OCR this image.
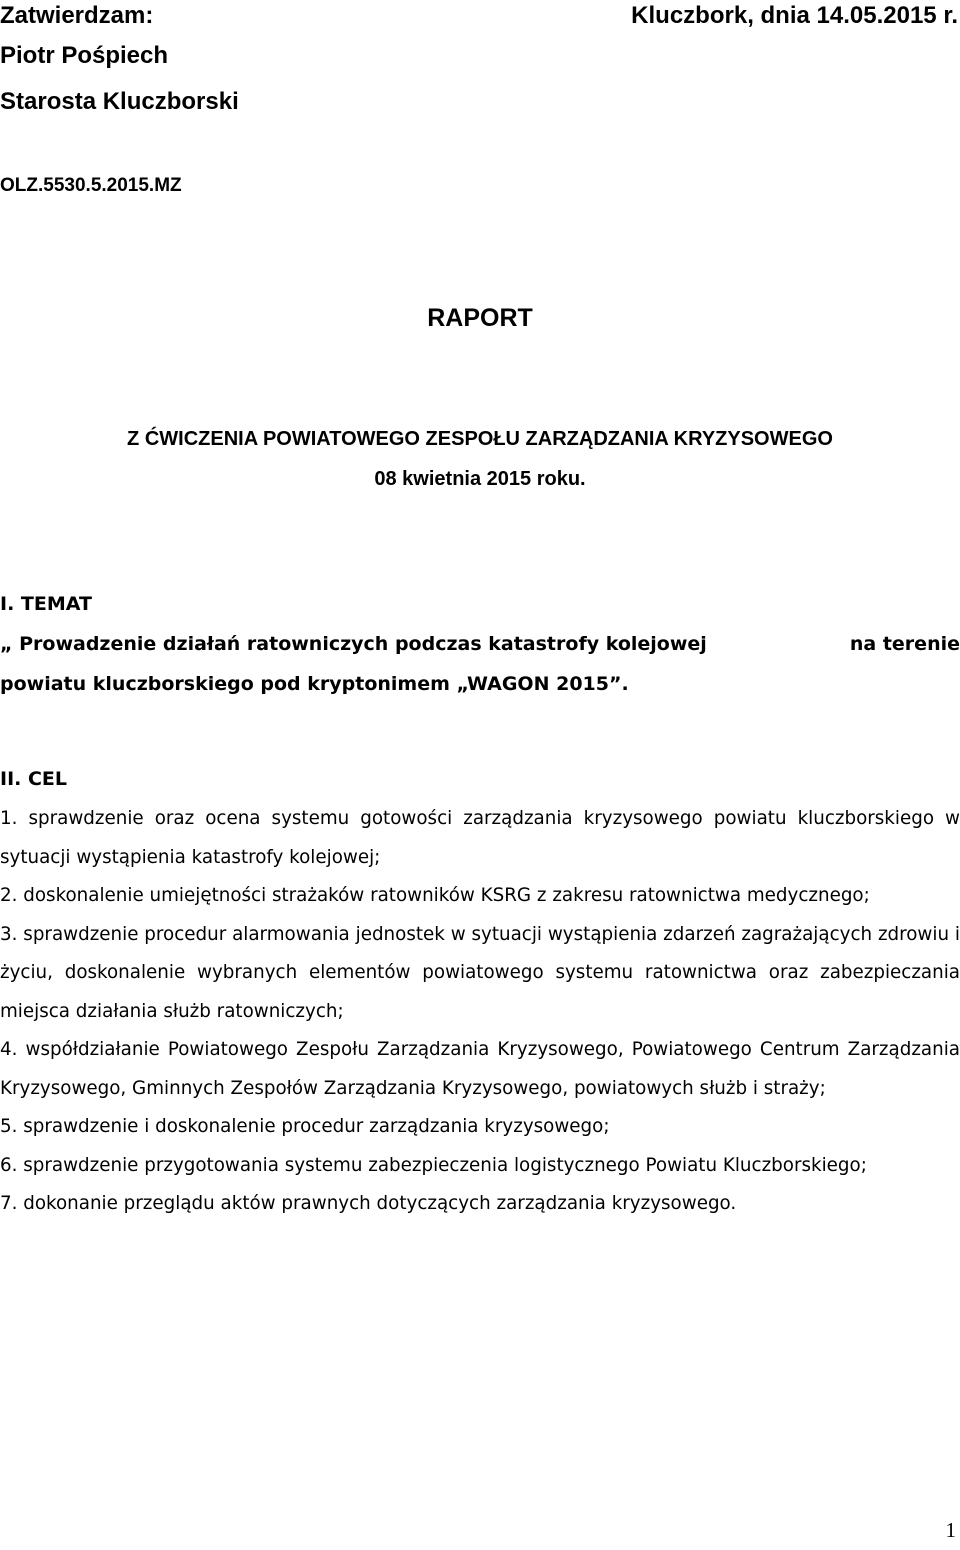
Zatwierdzam:	Kluczbork, dnia 14.05.2015 r.
Piotr Pośpiech
Starosta Kluczborski
OLZ.5530.5.2015.MZ
RAPORT
Z ĆWICZENIA POWIATOWEGO ZESPOŁU ZARZĄDZANIA KRYZYSOWEGO
08 kwietnia 2015 roku.
I. TEMAT
„ Prowadzenie działań ratowniczych podczas katastrofy kolejowej	na terenie
powiatu kluczborskiego pod kryptonimem „WAGON 2015”.
II. CEL

1. sprawdzenie oraz ocena systemu gotowości zarządzania kryzysowego powiatu kluczborskiego w sytuacji wystąpienia katastrofy kolejowej;

2. doskonalenie umiejętności strażaków ratowników KSRG z zakresu ratownictwa medycznego;

3. sprawdzenie procedur alarmowania jednostek w sytuacji wystąpienia zdarzeń zagrażających zdrowiu i życiu, doskonalenie wybranych elementów powiatowego systemu ratownictwa oraz zabezpieczania miejsca działania służb ratowniczych;

4. współdziałanie Powiatowego Zespołu Zarządzania Kryzysowego, Powiatowego Centrum Zarządzania Kryzysowego, Gminnych Zespołów Zarządzania Kryzysowego, powiatowych służb i straży;

5. sprawdzenie i doskonalenie procedur zarządzania kryzysowego;

6. sprawdzenie przygotowania systemu zabezpieczenia logistycznego Powiatu Kluczborskiego;

7. dokonanie przeglądu aktów prawnych dotyczących zarządzania kryzysowego.

1
